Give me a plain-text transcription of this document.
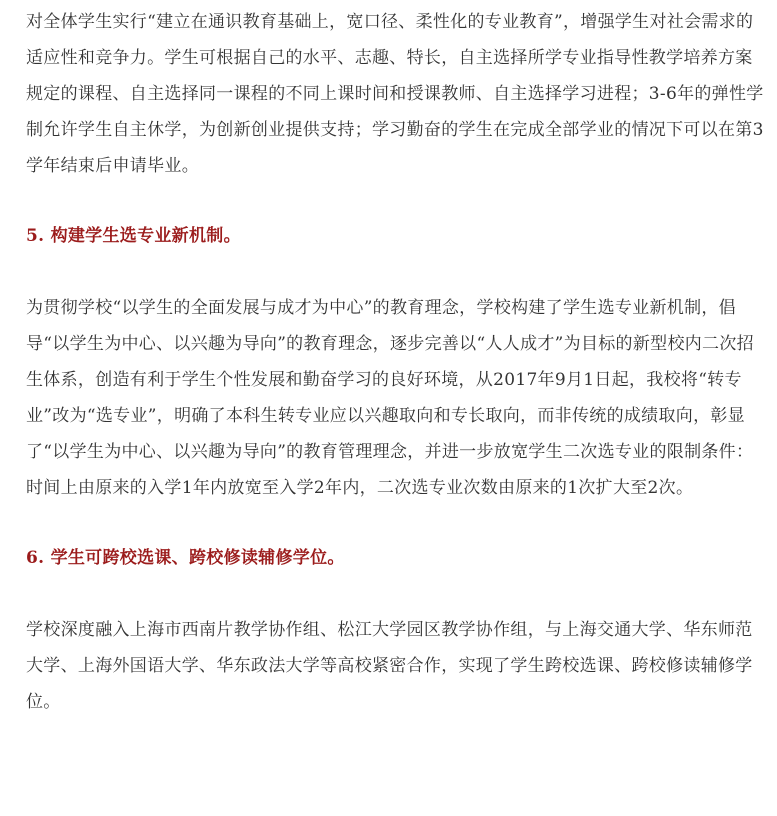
对全体学生实行“建立在通识教育基础上，宽口径、柔性化的专业教育”，增强学生对社会需求的适应性和竞争力。学生可根据自己的水平、志趣、特长，自主选择所学专业指导性教学培养方案规定的课程、自主选择同一课程的不同上课时间和授课教师、自主选择学习进程；3-6年的弹性学制允许学生自主休学，为创新创业提供支持；学习勤奋的学生在完成全部学业的情况下可以在第3学年结束后申请毕业。

5. 构建学生选专业新机制。

为贯彻学校“以学生的全面发展与成才为中心”的教育理念，学校构建了学生选专业新机制，倡导“以学生为中心、以兴趣为导向”的教育理念，逐步完善以“人人成才”为目标的新型校内二次招生体系，创造有利于学生个性发展和勤奋学习的良好环境，从2017年9月1日起，我校将“转专业”改为“选专业”，明确了本科生转专业应以兴趣取向和专长取向，而非传统的成绩取向，彰显了“以学生为中心、以兴趣为导向”的教育管理理念，并进一步放宽学生二次选专业的限制条件：时间上由原来的入学1年内放宽至入学2年内，二次选专业次数由原来的1次扩大至2次。

6. 学生可跨校选课、跨校修读辅修学位。

学校深度融入上海市西南片教学协作组、松江大学园区教学协作组，与上海交通大学、华东师范大学、上海外国语大学、华东政法大学等高校紧密合作，实现了学生跨校选课、跨校修读辅修学位。
